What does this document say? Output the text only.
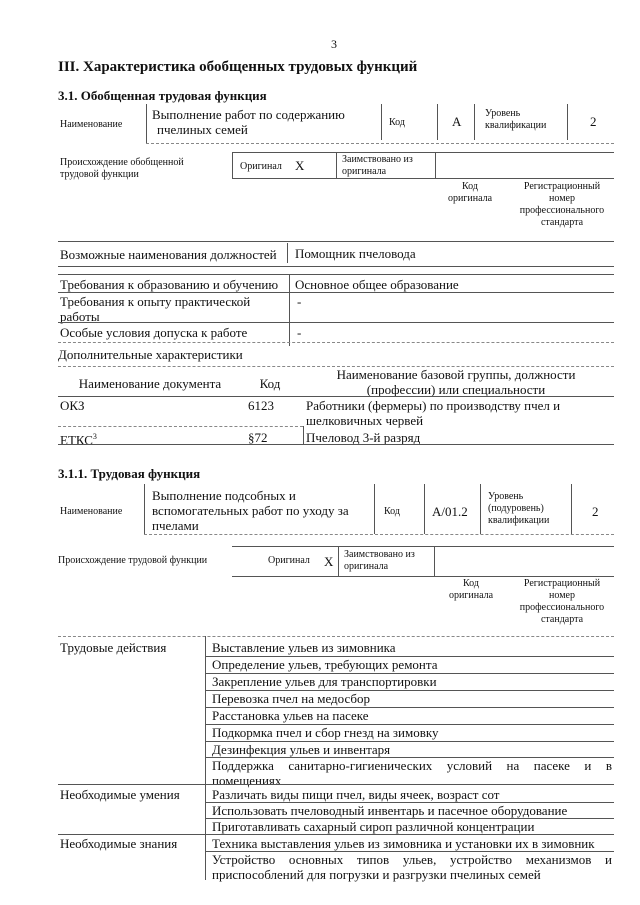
3
III. Характеристика обобщенных трудовых функций
3.1. Обобщенная трудовая функция
Наименование
Выполнение работ по содержанию
пчелиных семей	Код	А
Уровень
квалификации	2
Происхождение обобщенной
трудовой функции
Оригинал Х	Заимствовано из
оригинала
Код
оригинала
Регистрационный
номер
профессионального
стандарта
Возможные наименования должностей Помощник пчеловода
Требования к образованию и обучению Основное общее образование
Требования к опыту практической
работы
-
Особые условия допуска к работе	-
Дополнительные характеристики
Наименование документа	Код
Наименование базовой группы, должности
(профессии) или специальности
ОКЗ	6123 Работники (фермеры) по производству пчел и
шелковичных червей
ЕТКС$^3$	§72	Пчеловод 3-й разряд
3.1.1. Трудовая функция
Наименование
Выполнение подсобных и
вспомогательных работ по уходу за
пчелами
Код А/01.2
Уровень
(подуровень)
квалификации
2
Происхождение трудовой функции	Оригинал Х Заимствовано из
оригинала
Код
оригинала
Регистрационный
номер
профессионального
стандарта
Трудовые действия	Выставление ульев из зимовника
Определение ульев, требующих ремонта
Закрепление ульев для транспортировки
Перевозка пчел на медосбор
Расстановка ульев на пасеке
Подкормка пчел и сбор гнезд на зимовку
Дезинфекция ульев и инвентаря
Поддержка санитарно-гигиенических условий на пасеке и в
помещениях
Необходимые умения Различать виды пищи пчел, виды ячеек, возраст сот
Использовать пчеловодный инвентарь и пасечное оборудование
Приготавливать сахарный сироп различной концентрации
Необходимые знания	Техника выставления ульев из зимовника и установки их в зимовник
Устройство основных типов ульев, устройство механизмов и
приспособлений для погрузки и разгрузки пчелиных семей
